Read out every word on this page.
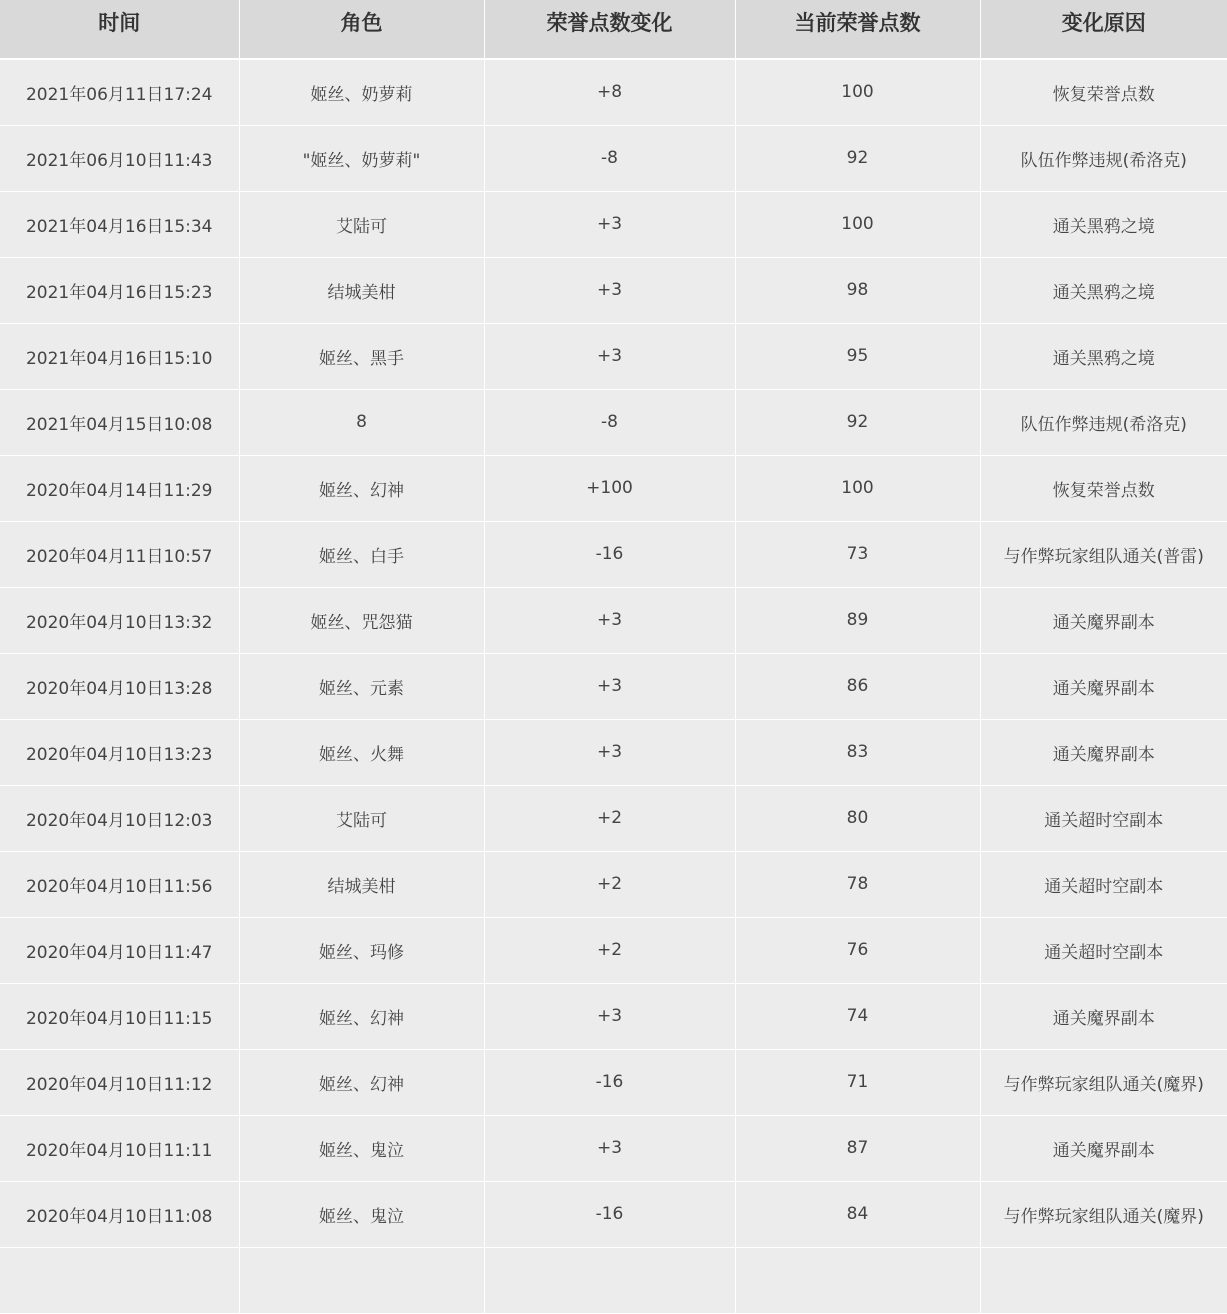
时间	角色	荣誉点数变化	当前荣誉点数	变化原因
2021年06月11日17:24	姬丝、奶萝莉	+8	100	恢复荣誉点数
2021年06月10日11:43	"姬丝、奶萝莉"	-8	92	队伍作弊违规(希洛克)
2021年04月16日15:34	艾陆可	+3	100	通关黑鸦之境
2021年04月16日15:23	结城美柑	+3	98	通关黑鸦之境
2021年04月16日15:10	姬丝、黑手	+3	95	通关黑鸦之境
2021年04月15日10:08	8	-8	92	队伍作弊违规(希洛克)
2020年04月14日11:29	姬丝、幻神	+100	100	恢复荣誉点数
2020年04月11日10:57	姬丝、白手	-16	73	与作弊玩家组队通关(普雷)
2020年04月10日13:32	姬丝、咒怨猫	+3	89	通关魔界副本
2020年04月10日13:28	姬丝、元素	+3	86	通关魔界副本
2020年04月10日13:23	姬丝、火舞	+3	83	通关魔界副本
2020年04月10日12:03	艾陆可	+2	80	通关超时空副本
2020年04月10日11:56	结城美柑	+2	78	通关超时空副本
2020年04月10日11:47	姬丝、玛修	+2	76	通关超时空副本
2020年04月10日11:15	姬丝、幻神	+3	74	通关魔界副本
2020年04月10日11:12	姬丝、幻神	-16	71	与作弊玩家组队通关(魔界)
2020年04月10日11:11	姬丝、鬼泣	+3	87	通关魔界副本
2020年04月10日11:08	姬丝、鬼泣	-16	84	与作弊玩家组队通关(魔界)
